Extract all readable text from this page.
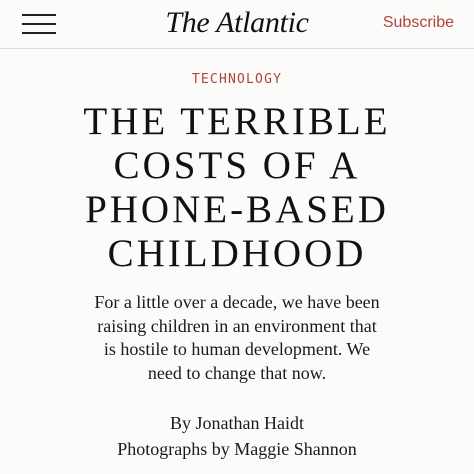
The Atlantic	Subscribe
TECHNOLOGY
THE TERRIBLE
COSTS OF A
PHONE-BASED
CHILDHOOD

For a little over a decade, we have been
raising children in an environment that
is hostile to human development. We
need to change that now.

By Jonathan Haidt
Photographs by Maggie Shannon
